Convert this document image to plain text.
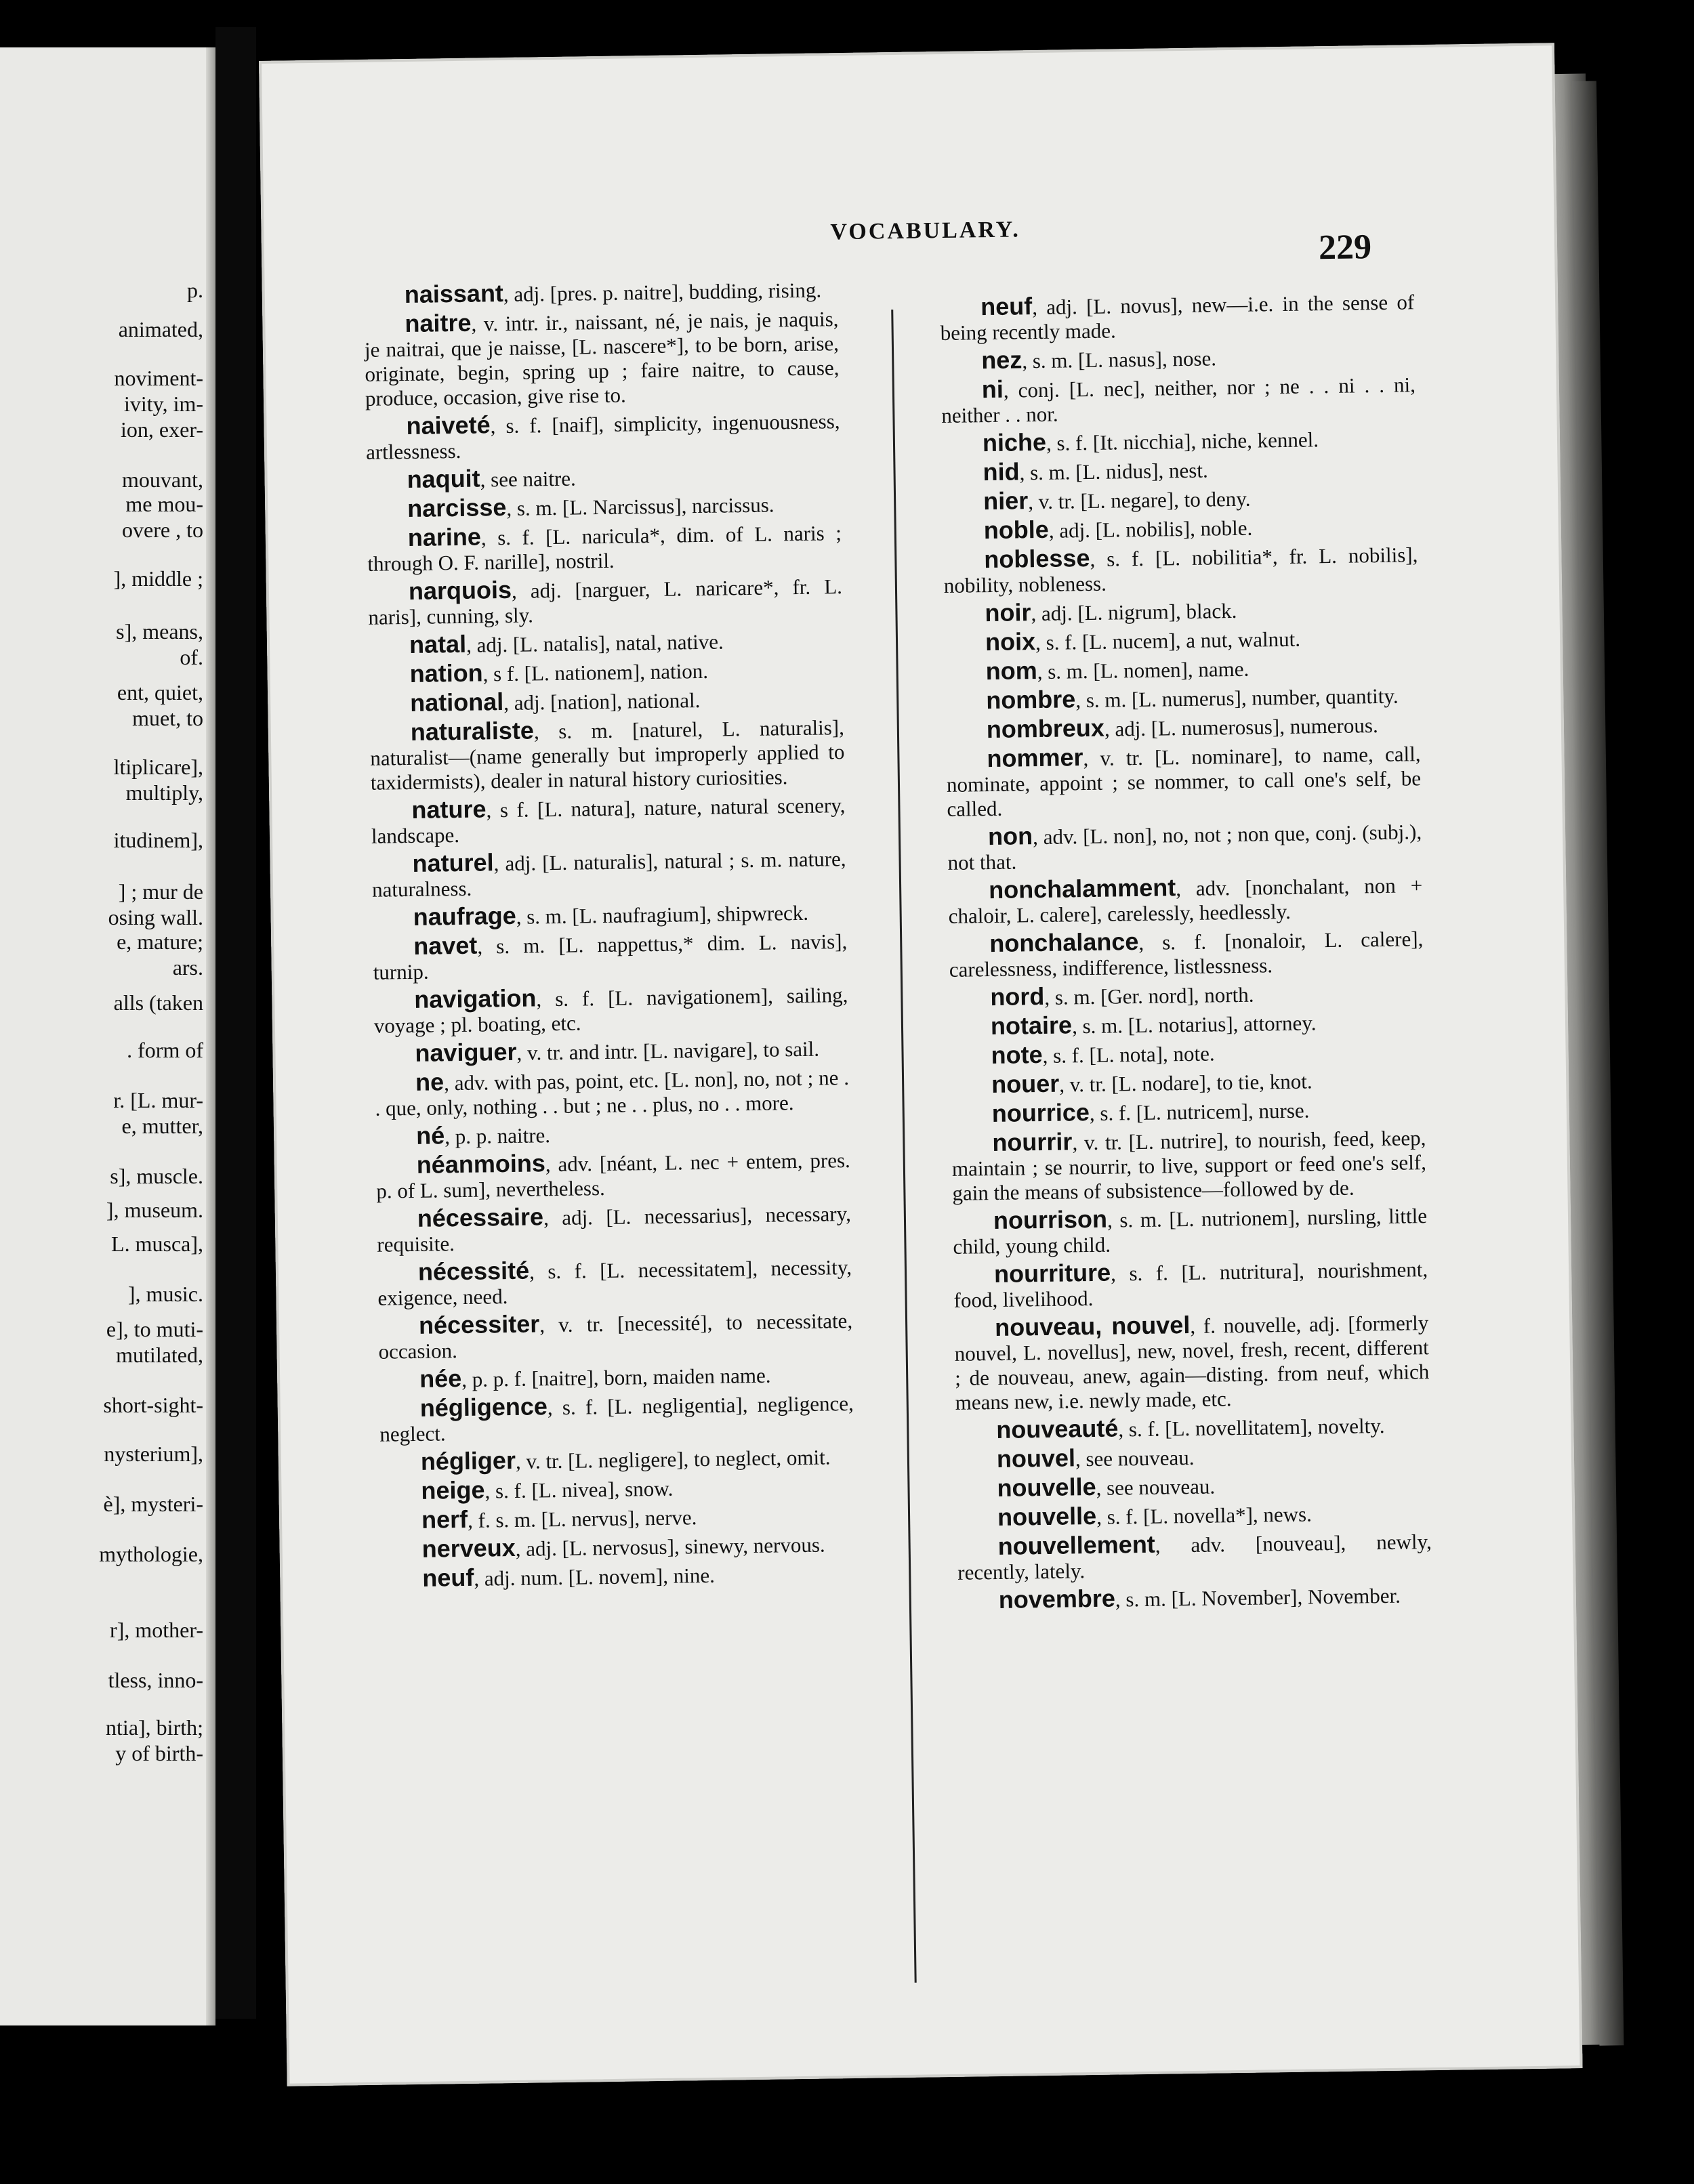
p.
animated,
noviment-
ivity, im-
ion, exer-
mouvant,
me mou-
overe , to
], middle ;
s], means,
of.
ent, quiet,
muet, to
ltiplicare],
multiply,
itudinem],
] ; mur de
osing wall.
e, mature;
ars.
alls (taken
. form of
r. [L. mur-
e, mutter,
s], muscle.
], museum.
L. musca],
], music.
e], to muti-
mutilated,
short-sight-
nysterium],
è], mysteri-
mythologie,
r], mother-
tless, inno-
ntia], birth;
y of birth-
VOCABULARY.	229

naissant, adj. [pres. p. naitre], budding, rising.

naitre, v. intr. ir., naissant, né, je nais, je naquis, je naitrai, que je naisse, [L. nascere*], to be born, arise, originate, begin, spring up ; faire naitre, to cause, produce, occasion, give rise to.

naiveté, s. f. [naif], simplicity, ingenuousness, artlessness.

naquit, see naitre.

narcisse, s. m. [L. Narcissus], narcissus.

narine, s. f. [L. naricula*, dim. of L. naris ; through O. F. narille], nostril.

narquois, adj. [narguer, L. naricare*, fr. L. naris], cunning, sly.

natal, adj. [L. natalis], natal, native.

nation, s f. [L. nationem], nation.

national, adj. [nation], national.

naturaliste, s. m. [naturel, L. naturalis], naturalist—(name generally but improperly applied to taxidermists), dealer in natural history curiosities.

nature, s f. [L. natura], nature, natural scenery, landscape.

naturel, adj. [L. naturalis], natural ; s. m. nature, naturalness.

naufrage, s. m. [L. naufragium], shipwreck.

navet, s. m. [L. nappettus,* dim. L. navis], turnip.

navigation, s. f. [L. navigationem], sailing, voyage ; pl. boating, etc.

naviguer, v. tr. and intr. [L. navigare], to sail.

ne, adv. with pas, point, etc. [L. non], no, not ; ne . . que, only, nothing . . but ; ne . . plus, no . . more.

né, p. p. naitre.

néanmoins, adv. [néant, L. nec + entem, pres. p. of L. sum], nevertheless.

nécessaire, adj. [L. necessarius], necessary, requisite.

nécessité, s. f. [L. necessitatem], necessity, exigence, need.

nécessiter, v. tr. [necessité], to necessitate, occasion.

née, p. p. f. [naitre], born, maiden name.

négligence, s. f. [L. negligentia], negligence, neglect.

négliger, v. tr. [L. negligere], to neglect, omit.

neige, s. f. [L. nivea], snow.

nerf, f. s. m. [L. nervus], nerve.

nerveux, adj. [L. nervosus], sinewy, nervous.

neuf, adj. num. [L. novem], nine.

neuf, adj. [L. novus], new—i.e. in the sense of being recently made.

nez, s. m. [L. nasus], nose.

ni, conj. [L. nec], neither, nor ; ne . . ni . . ni, neither . . nor.

niche, s. f. [It. nicchia], niche, kennel.

nid, s. m. [L. nidus], nest.

nier, v. tr. [L. negare], to deny.

noble, adj. [L. nobilis], noble.

noblesse, s. f. [L. nobilitia*, fr. L. nobilis], nobility, nobleness.

noir, adj. [L. nigrum], black.

noix, s. f. [L. nucem], a nut, walnut.

nom, s. m. [L. nomen], name.

nombre, s. m. [L. numerus], number, quantity.

nombreux, adj. [L. numerosus], numerous.

nommer, v. tr. [L. nominare], to name, call, nominate, appoint ; se nommer, to call one's self, be called.

non, adv. [L. non], no, not ; non que, conj. (subj.), not that.

nonchalamment, adv. [nonchalant, non + chaloir, L. calere], carelessly, heedlessly.

nonchalance, s. f. [nonaloir, L. calere], carelessness, indifference, listlessness.

nord, s. m. [Ger. nord], north.

notaire, s. m. [L. notarius], attorney.

note, s. f. [L. nota], note.

nouer, v. tr. [L. nodare], to tie, knot.

nourrice, s. f. [L. nutricem], nurse.

nourrir, v. tr. [L. nutrire], to nourish, feed, keep, maintain ; se nourrir, to live, support or feed one's self, gain the means of subsistence—followed by de.

nourrison, s. m. [L. nutrionem], nursling, little child, young child.

nourriture, s. f. [L. nutritura], nourishment, food, livelihood.

nouveau, nouvel, f. nouvelle, adj. [formerly nouvel, L. novellus], new, novel, fresh, recent, different ; de nouveau, anew, again—disting. from neuf, which means new, i.e. newly made, etc.

nouveauté, s. f. [L. novellitatem], novelty.

nouvel, see nouveau.

nouvelle, see nouveau.

nouvelle, s. f. [L. novella*], news.

nouvellement, adv. [nouveau], newly, recently, lately.

novembre, s. m. [L. November], November.
